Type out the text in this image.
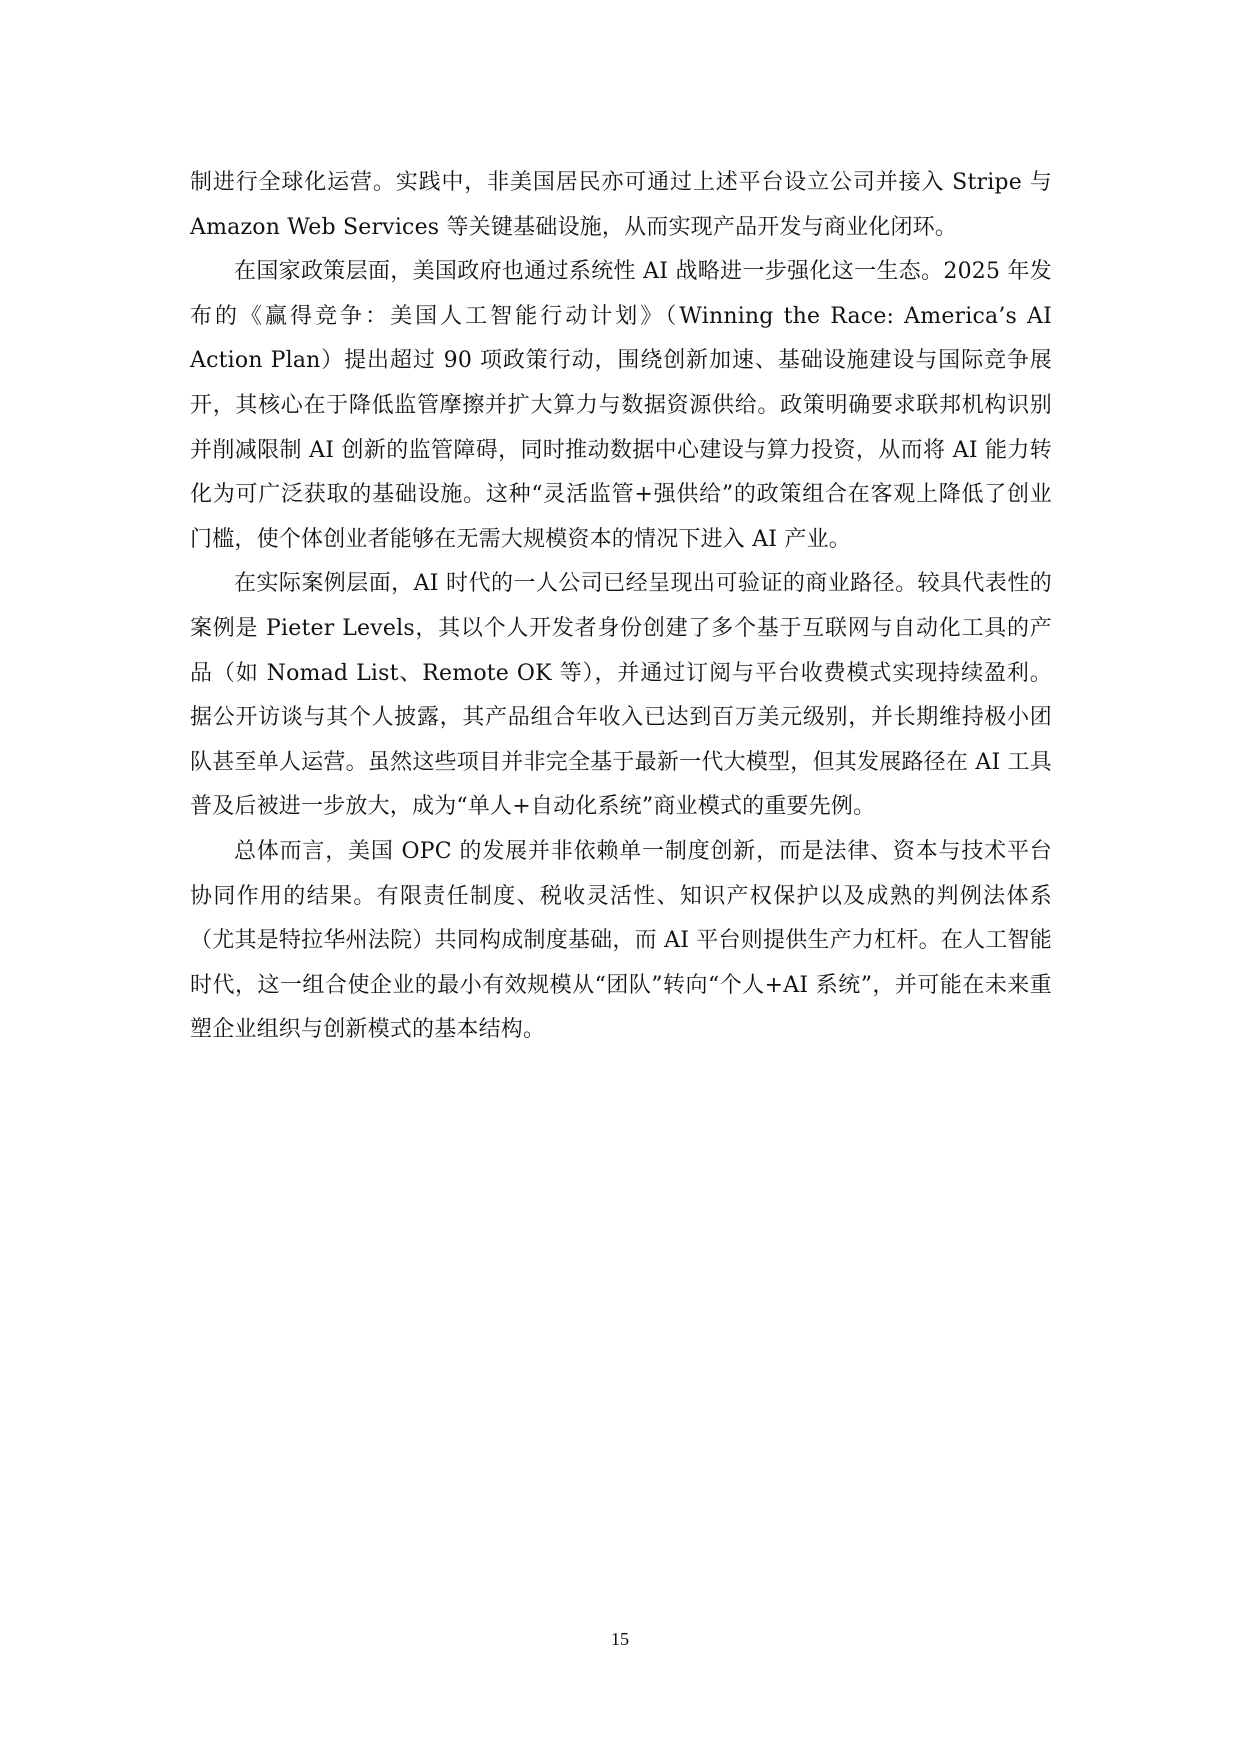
制进行全球化运营。实践中，非美国居民亦可通过上述平台设立公司并接入 Stripe 与 Amazon Web Services 等关键基础设施，从而实现产品开发与商业化闭环。

在国家政策层面，美国政府也通过系统性 AI 战略进一步强化这一生态。2025 年发布的《赢得竞争：美国人工智能行动计划》（Winning the Race: America’s AI Action Plan）提出超过 90 项政策行动，围绕创新加速、基础设施建设与国际竞争展开，其核心在于降低监管摩擦并扩大算力与数据资源供给。政策明确要求联邦机构识别并削减限制 AI 创新的监管障碍，同时推动数据中心建设与算力投资，从而将 AI 能力转化为可广泛获取的基础设施。这种“灵活监管+强供给”的政策组合在客观上降低了创业门槛，使个体创业者能够在无需大规模资本的情况下进入 AI 产业。

在实际案例层面，AI 时代的一人公司已经呈现出可验证的商业路径。较具代表性的案例是 Pieter Levels，其以个人开发者身份创建了多个基于互联网与自动化工具的产品（如 Nomad List、Remote OK 等），并通过订阅与平台收费模式实现持续盈利。据公开访谈与其个人披露，其产品组合年收入已达到百万美元级别，并长期维持极小团队甚至单人运营。虽然这些项目并非完全基于最新一代大模型，但其发展路径在 AI 工具普及后被进一步放大，成为“单人+自动化系统”商业模式的重要先例。

总体而言，美国 OPC 的发展并非依赖单一制度创新，而是法律、资本与技术平台协同作用的结果。有限责任制度、税收灵活性、知识产权保护以及成熟的判例法体系（尤其是特拉华州法院）共同构成制度基础，而 AI 平台则提供生产力杠杆。在人工智能时代，这一组合使企业的最小有效规模从“团队”转向“个人+AI 系统”，并可能在未来重塑企业组织与创新模式的基本结构。

15
